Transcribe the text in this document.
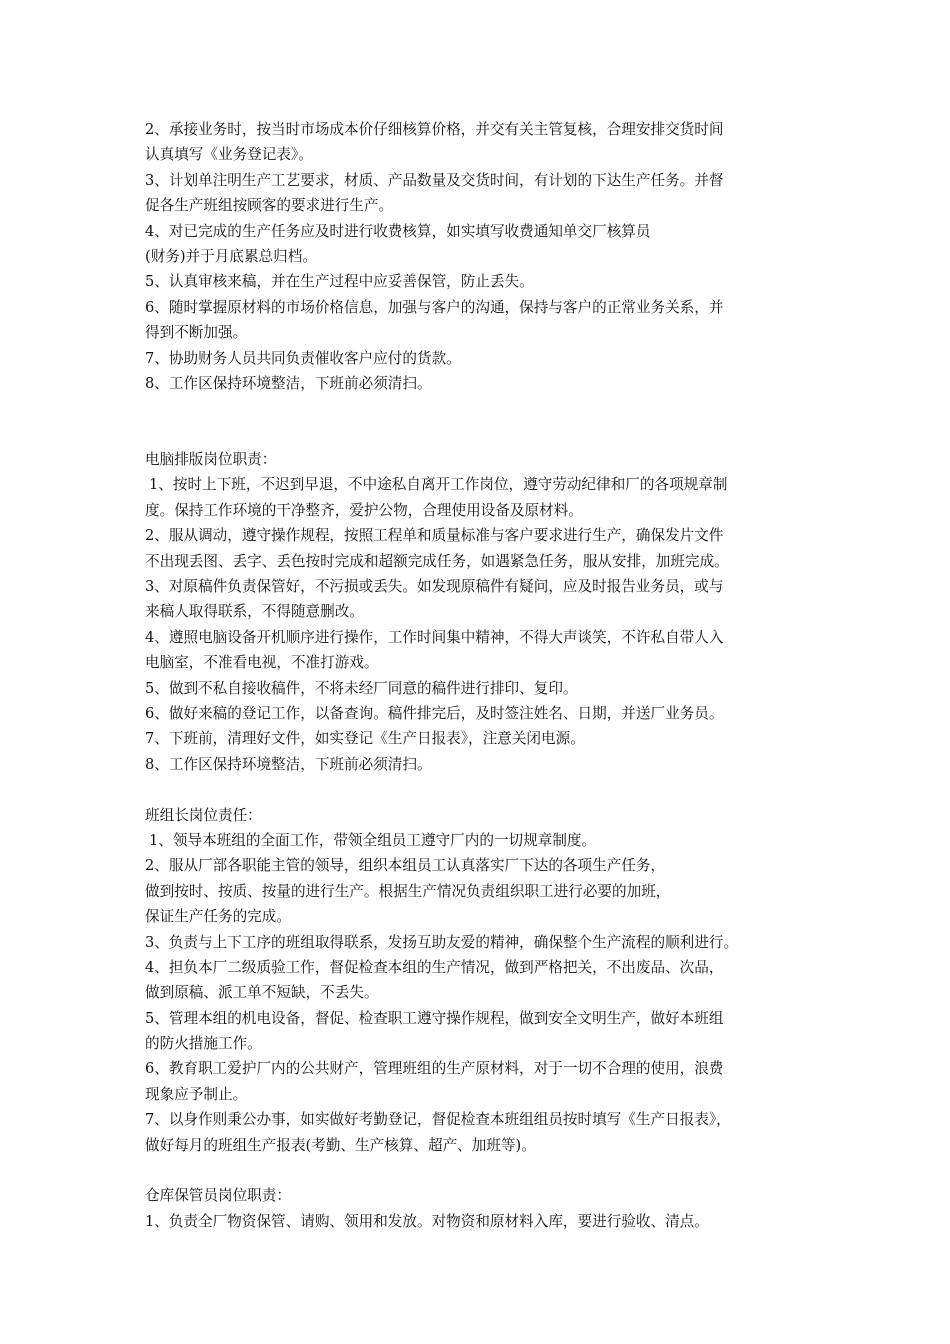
2、承接业务时，按当时市场成本价仔细核算价格，并交有关主管复核，合理安排交货时间
认真填写《业务登记表》。
3、计划单注明生产工艺要求，材质、产品数量及交货时间，有计划的下达生产任务。并督
促各生产班组按顾客的要求进行生产。
4、对已完成的生产任务应及时进行收费核算，如实填写收费通知单交厂核算员
(财务)并于月底累总归档。
5、认真审核来稿，并在生产过程中应妥善保管，防止丢失。
6、随时掌握原材料的市场价格信息，加强与客户的沟通，保持与客户的正常业务关系，并
得到不断加强。
7、协助财务人员共同负责催收客户应付的货款。
8、工作区保持环境整洁，下班前必须清扫。
电脑排版岗位职责：
1、按时上下班，不迟到早退，不中途私自离开工作岗位，遵守劳动纪律和厂的各项规章制
度。保持工作环境的干净整齐，爱护公物，合理使用设备及原材料。
2、服从调动，遵守操作规程，按照工程单和质量标准与客户要求进行生产，确保发片文件
不出现丢图、丢字、丢色按时完成和超额完成任务，如遇紧急任务，服从安排，加班完成。
3、对原稿件负责保管好，不污损或丢失。如发现原稿件有疑问，应及时报告业务员，或与
来稿人取得联系，不得随意删改。
4、遵照电脑设备开机顺序进行操作，工作时间集中精神，不得大声谈笑，不许私自带人入
电脑室，不准看电视，不准打游戏。
5、做到不私自接收稿件，不将未经厂同意的稿件进行排印、复印。
6、做好来稿的登记工作，以备查询。稿件排完后，及时签注姓名、日期，并送厂业务员。
7、下班前，清理好文件，如实登记《生产日报表》，注意关闭电源。
8、工作区保持环境整洁，下班前必须清扫。
班组长岗位责任：
1、领导本班组的全面工作，带领全组员工遵守厂内的一切规章制度。
2、服从厂部各职能主管的领导，组织本组员工认真落实厂下达的各项生产任务，
做到按时、按质、按量的进行生产。根据生产情况负责组织职工进行必要的加班，
保证生产任务的完成。
3、负责与上下工序的班组取得联系，发扬互助友爱的精神，确保整个生产流程的顺利进行。
4、担负本厂二级质验工作，督促检查本组的生产情况，做到严格把关，不出废品、次品，
做到原稿、派工单不短缺，不丢失。
5、管理本组的机电设备，督促、检查职工遵守操作规程，做到安全文明生产，做好本班组
的防火措施工作。
6、教育职工爱护厂内的公共财产，管理班组的生产原材料，对于一切不合理的使用，浪费
现象应予制止。
7、以身作则秉公办事，如实做好考勤登记，督促检查本班组组员按时填写《生产日报表》，
做好每月的班组生产报表(考勤、生产核算、超产、加班等)。
仓库保管员岗位职责：
1、负责全厂物资保管、请购、领用和发放。对物资和原材料入库，要进行验收、清点。
